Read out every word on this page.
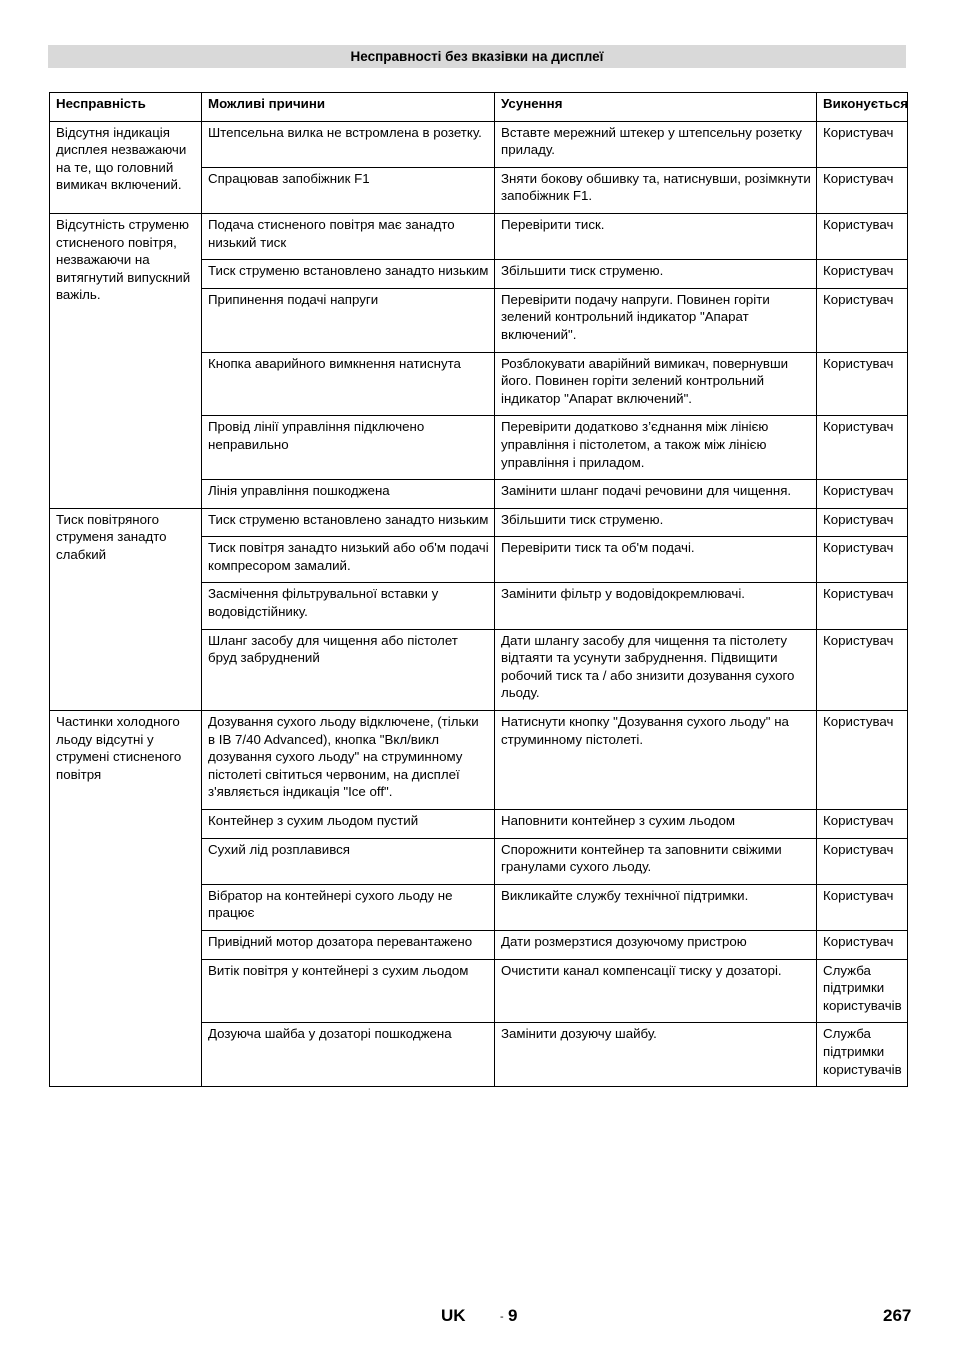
Несправності без вказівки на дисплеї
Несправність	Можливі причини	Усунення	Виконується
Відсутня індикація дисплея незважаючи на те, що головний вимикач включений.	Штепсельна вилка не встромлена в розетку.	Вставте мережний штекер у штепсельну розетку приладу.	Користувач
	Спрацював запобіжник F1	Зняти бокову обшивку та, натиснувши, розімкнути запобіжник F1.	Користувач
Відсутність струменю стисненого повітря, незважаючи на витягнутий випускний важіль.	Подача стисненого повітря має занадто низький тиск	Перевірити тиск.	Користувач
	Тиск струменю встановлено занадто низьким	Збільшити тиск струменю.	Користувач
	Припинення подачі напруги	Перевірити подачу напруги. Повинен горіти зелений контрольний індикатор "Апарат включений".	Користувач
	Кнопка аварийного вимкнення натиснута	Розблокувати аварійний вимикач, повернувши його. Повинен горіти зелений контрольний індикатор "Апарат включений".	Користувач
	Провід лінії управління підключено неправильно	Перевірити додатково з’єднання між лінією управління і пістолетом, а також між лінією управління і приладом.	Користувач
	Лінія управління пошкоджена	Замінити шланг подачі речовини для чищення.	Користувач
Тиск повітряного струменя занадто слабкий	Тиск струменю встановлено занадто низьким	Збільшити тиск струменю.	Користувач
	Тиск повітря занадто низький або об'м подачі компресором замалий.	Перевірити тиск та об'м подачі.	Користувач
	Засмічення фільтрувальної вставки у водовідстійнику.	Замінити фільтр у водовідокремлювачі.	Користувач
	Шланг засобу для чищення або пістолет бруд забруднений	Дати шлангу засобу для чищення та пістолету відтаяти та усунути забруднення. Підвищити робочий тиск та / або знизити дозування сухого льоду.	Користувач
Частинки холодного льоду відсутні у струмені стисненого повітря	Дозування сухого льоду відключене, (тільки в IB 7/40 Advanced), кнопка "Вкл/викл дозування сухого льоду" на струминному пістолеті світиться червоним, на дисплеї з'являється індикація "Ice off".	Натиснути кнопку "Дозування сухого льоду" на струминному пістолеті.	Користувач
	Контейнер з сухим льодом пустий	Наповнити контейнер з сухим льодом	Користувач
	Сухий лід розплавився	Спорожнити контейнер та заповнити свіжими гранулами сухого льоду.	Користувач
	Вібратор на контейнері сухого льоду не працює	Викликайте службу технічної підтримки.	Користувач
	Привідний мотор дозатора перевантажено	Дати розмерзтися дозуючому пристрою	Користувач
	Витік повітря у контейнері з сухим льодом	Очистити канал компенсації тиску у дозаторі.	Служба підтримки користувачів
	Дозуюча шайба у дозаторі пошкоджена	Замінити дозуючу шайбу.	Служба підтримки користувачів
UK	- 9	267
